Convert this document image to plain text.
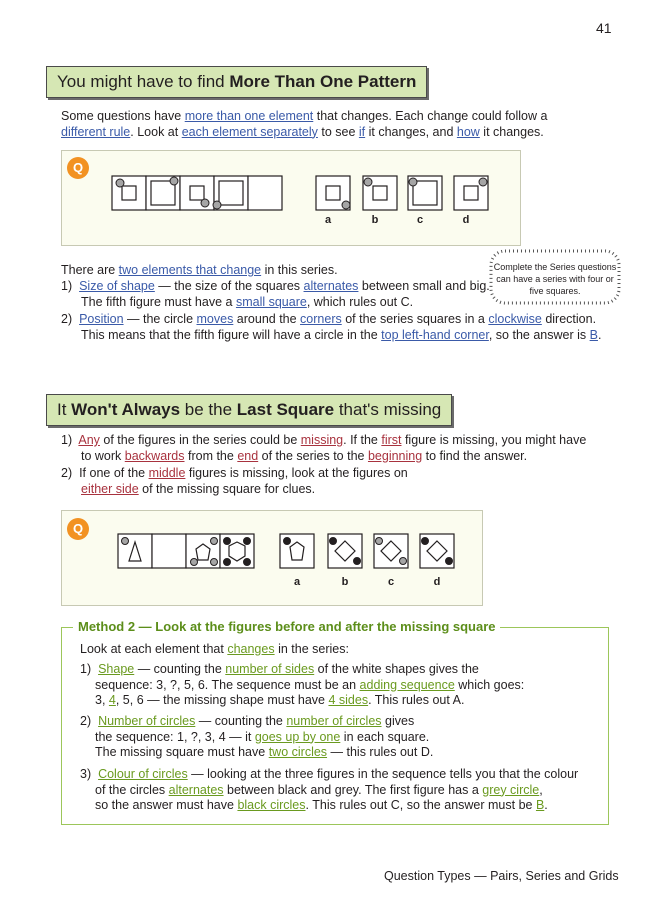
41
You might have to find More Than One Pattern
Some questions have more than one element that changes. Each change could follow a
different rule. Look at each element separately to see if it changes, and how it changes.
Q
a	b	c	d
Complete the Series questions can have a series with four or five squares.
There are two elements that change in this series.
1) Size of shape — the size of the squares alternates between small and big.
The fifth figure must have a small square, which rules out C.
2) Position — the circle moves around the corners of the series squares in a clockwise direction.
This means that the fifth figure will have a circle in the top left-hand corner, so the answer is B.
It Won't Always be the Last Square that's missing
1) Any of the figures in the series could be missing. If the first figure is missing, you might have
to work backwards from the end of the series to the beginning to find the answer.
2) If one of the middle figures is missing, look at the figures on
either side of the missing square for clues.
Q
a	b	c	d
Method 2 — Look at the figures before and after the missing square
Look at each element that changes in the series:
1) Shape — counting the number of sides of the white shapes gives the
sequence: 3, ?, 5, 6. The sequence must be an adding sequence which goes:
3, 4, 5, 6 — the missing shape must have 4 sides. This rules out A.
2) Number of circles — counting the number of circles gives
the sequence: 1, ?, 3, 4 — it goes up by one in each square.
The missing square must have two circles — this rules out D.
3) Colour of circles — looking at the three figures in the sequence tells you that the colour
of the circles alternates between black and grey. The first figure has a grey circle,
so the answer must have black circles. This rules out C, so the answer must be B.
Question Types — Pairs, Series and Grids
